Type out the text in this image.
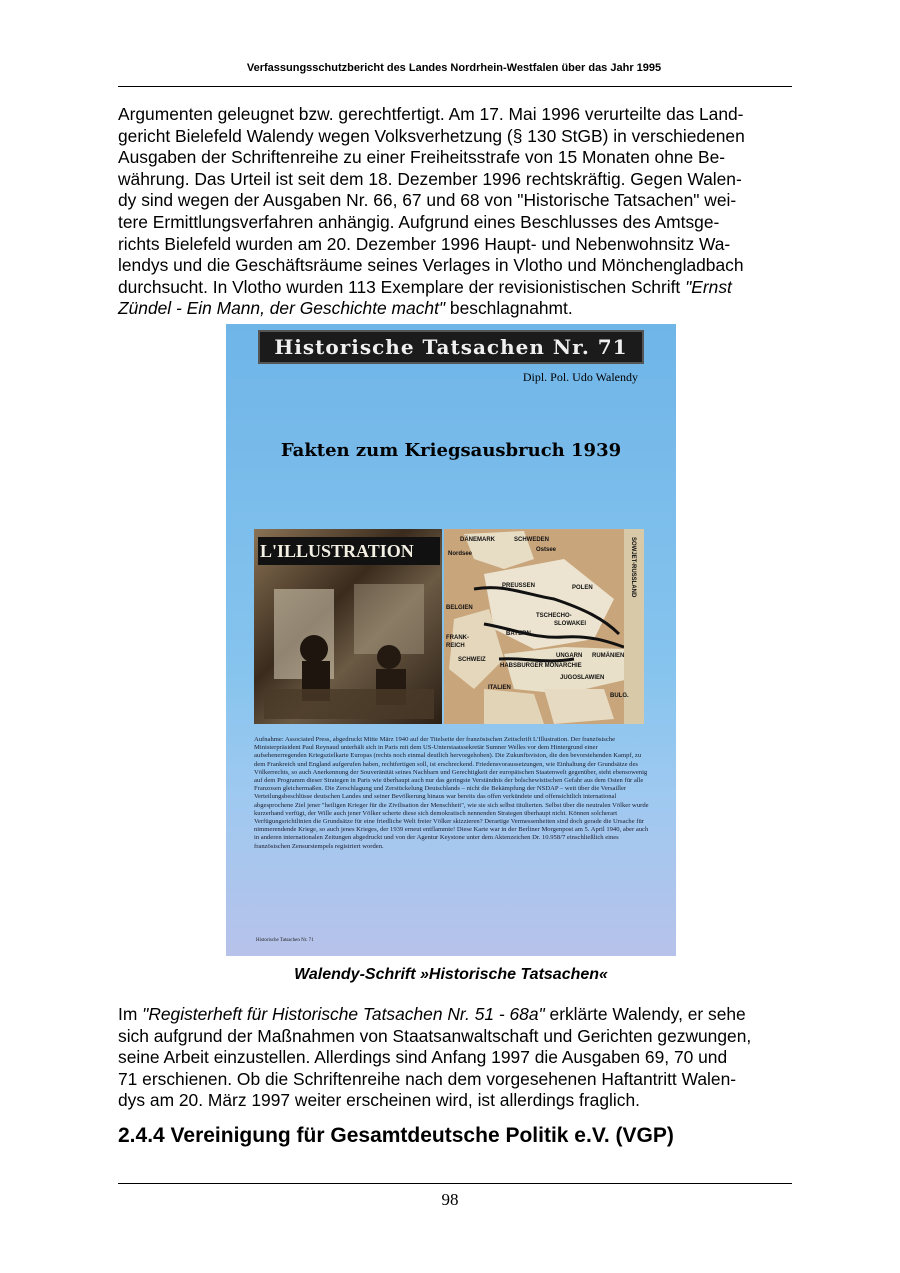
Verfassungsschutzbericht des Landes Nordrhein-Westfalen über das Jahr 1995

Argumenten geleugnet bzw. gerechtfertigt. Am 17. Mai 1996 verurteilte das Land-
gericht Bielefeld Walendy wegen Volksverhetzung (§ 130 StGB) in verschiedenen
Ausgaben der Schriftenreihe zu einer Freiheitsstrafe von 15 Monaten ohne Be-
währung. Das Urteil ist seit dem 18. Dezember 1996 rechtskräftig. Gegen Walen-
dy sind wegen der Ausgaben Nr. 66, 67 und 68 von "Historische Tatsachen" wei-
tere Ermittlungsverfahren anhängig. Aufgrund eines Beschlusses des Amtsge-
richts Bielefeld wurden am 20. Dezember 1996 Haupt- und Nebenwohnsitz Wa-
lendys und die Geschäftsräume seines Verlages in Vlotho und Mönchengladbach
durchsucht. In Vlotho wurden 113 Exemplare der revisionistischen Schrift "Ernst
Zündel - Ein Mann, der Geschichte macht" beschlagnahmt.

Historische Tatsachen Nr. 71
Dipl. Pol. Udo Walendy
Fakten zum Kriegsausbruch 1939
L'ILLUSTRATION
DÄNEMARK	SCHWEDEN
Nordsee
Ostsee
PREUSSEN	POLEN
BELGIEN
TSCHECHO-
SLOWAKEI
BAYERN
FRANK-
REICH
SCHWEIZ
HABSBURGER MONARCHIE
UNGARN RUMÄNIEN
ITALIEN
JUGOSLAWIEN
BULG.
SOWJET-RUSSLAND
Aufnahme: Associated Press, abgedruckt Mitte März 1940 auf der Titelseite der französischen Zeitschrift L'Illustration. Der französische Ministerpräsident Paul Reynaud unterhält sich in Paris mit dem US-Unterstaatssekretär Sumner Welles vor dem Hintergrund einer aufsehenerregenden Kriegszielkarte Europas (rechts noch einmal deutlich hervorgehoben). Die Zukunftsvision, die den bevorstehenden Kampf, zu dem Frankreich und England aufgerufen haben, rechtfertigen soll, ist erschreckend. Friedensvoraussetzungen, wie Einhaltung der Grundsätze des Völkerrechts, so auch Anerkennung der Souveränität seines Nachbarn und Gerechtigkeit der europäischen Staatenwelt gegenüber, steht ebensowenig auf dem Programm dieser Strategen in Paris wie überhaupt auch nur das geringste Verständnis der bolschewistischen Gefahr aus dem Osten für alle Franzosen gleichermaßen. Die Zerschlagung und Zerstückelung Deutschlands – nicht die Bekämpfung der NSDAP – weit über die Versailler Verteilungsbeschlüsse deutschen Landes und seiner Bevölkerung hinaus war bereits das offen verkündete und offensichtlich international abgesprochene Ziel jener "heiligen Krieger für die Zivilisation der Menschheit", wie sie sich selbst titulierten. Selbst über die neutralen Völker wurde kurzerhand verfügt, der Wille auch jener Völker scherte diese sich demokratisch nennenden Strategen überhaupt nicht. Können solcherart Verfügungsrichtlinien die Grundsätze für eine friedliche Welt freier Völker skizzieren? Derartige Vermessenheiten sind doch gerade die Ursache für nimmerendende Kriege, so auch jenes Krieges, der 1939 erneut entflammte! Diese Karte war in der Berliner Morgenpost am 5. April 1940, aber auch in anderen internationalen Zeitungen abgedruckt und von der Agentur Keystone unter dem Aktenzeichen Dr. 10.958/7 einschließlich eines französischen Zensurstempels registriert worden.
Historische Tatsachen Nr. 71
Walendy-Schrift »Historische Tatsachen«

Im "Registerheft für Historische Tatsachen Nr. 51 - 68a" erklärte Walendy, er sehe
sich aufgrund der Maßnahmen von Staatsanwaltschaft und Gerichten gezwungen,
seine Arbeit einzustellen. Allerdings sind Anfang 1997 die Ausgaben 69, 70 und
71 erschienen. Ob die Schriftenreihe nach dem vorgesehenen Haftantritt Walen-
dys am 20. März 1997 weiter erscheinen wird, ist allerdings fraglich.

2.4.4 Vereinigung für Gesamtdeutsche Politik e.V. (VGP)
98
